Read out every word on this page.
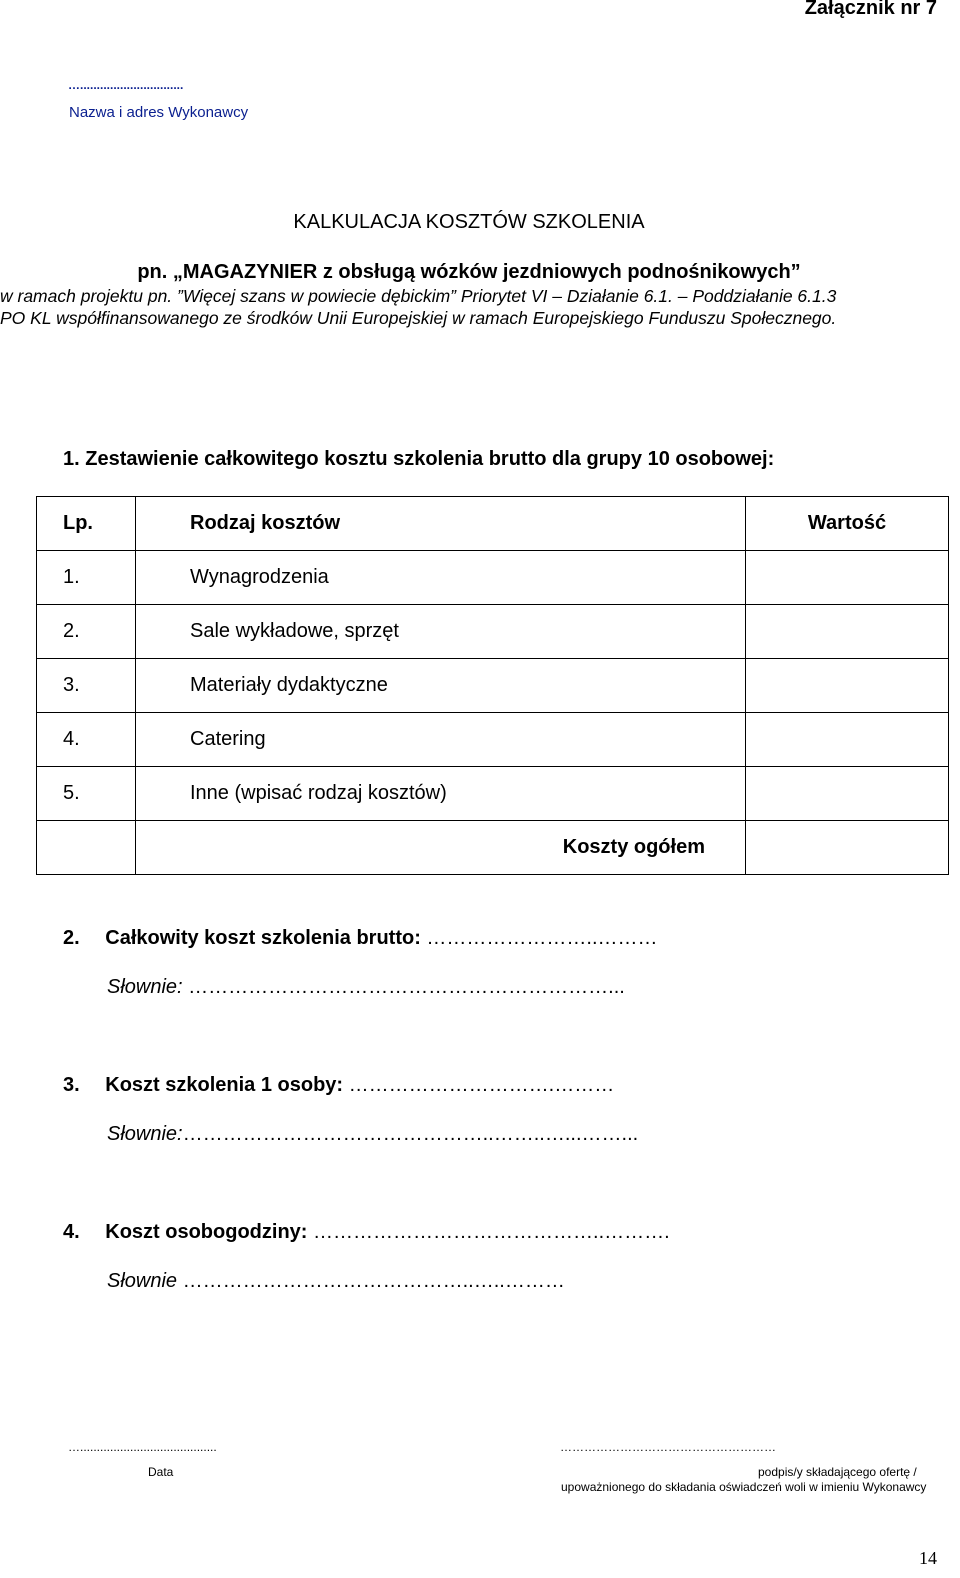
Załącznik nr 7
…...............................
Nazwa i adres Wykonawcy
KALKULACJA KOSZTÓW SZKOLENIA
pn. „MAGAZYNIER z obsługą wózków jezdniowych podnośnikowych”
w ramach projektu pn. ”Więcej szans w powiecie dębickim” Priorytet VI – Działanie 6.1. – Poddziałanie 6.1.3
PO KL współfinansowanego ze środków Unii Europejskiej w ramach Europejskiego Funduszu Społecznego.
1. Zestawienie całkowitego kosztu szkolenia brutto dla grupy 10 osobowej:
Lp.	Rodzaj kosztów	Wartość
1.	Wynagrodzenia	
2.	Sale wykładowe, sprzęt	
3.	Materiały dydaktyczne	
4.	Catering	
5.	Inne (wpisać rodzaj kosztów)	
	Koszty ogółem	
2. Całkowity koszt szkolenia brutto: ……………………..………
Słownie: ………………………………………………………...
3. Koszt szkolenia 1 osoby: ………………………….………
Słownie:………………………………………..……..…...……...
4. Koszt osobogodziny: ……………………………………..……….
Słownie ……………………………………..…..………
….........................................
Data
………………………………………………
podpis/y składającego ofertę /
upoważnionego do składania oświadczeń woli w imieniu Wykonawcy
14
